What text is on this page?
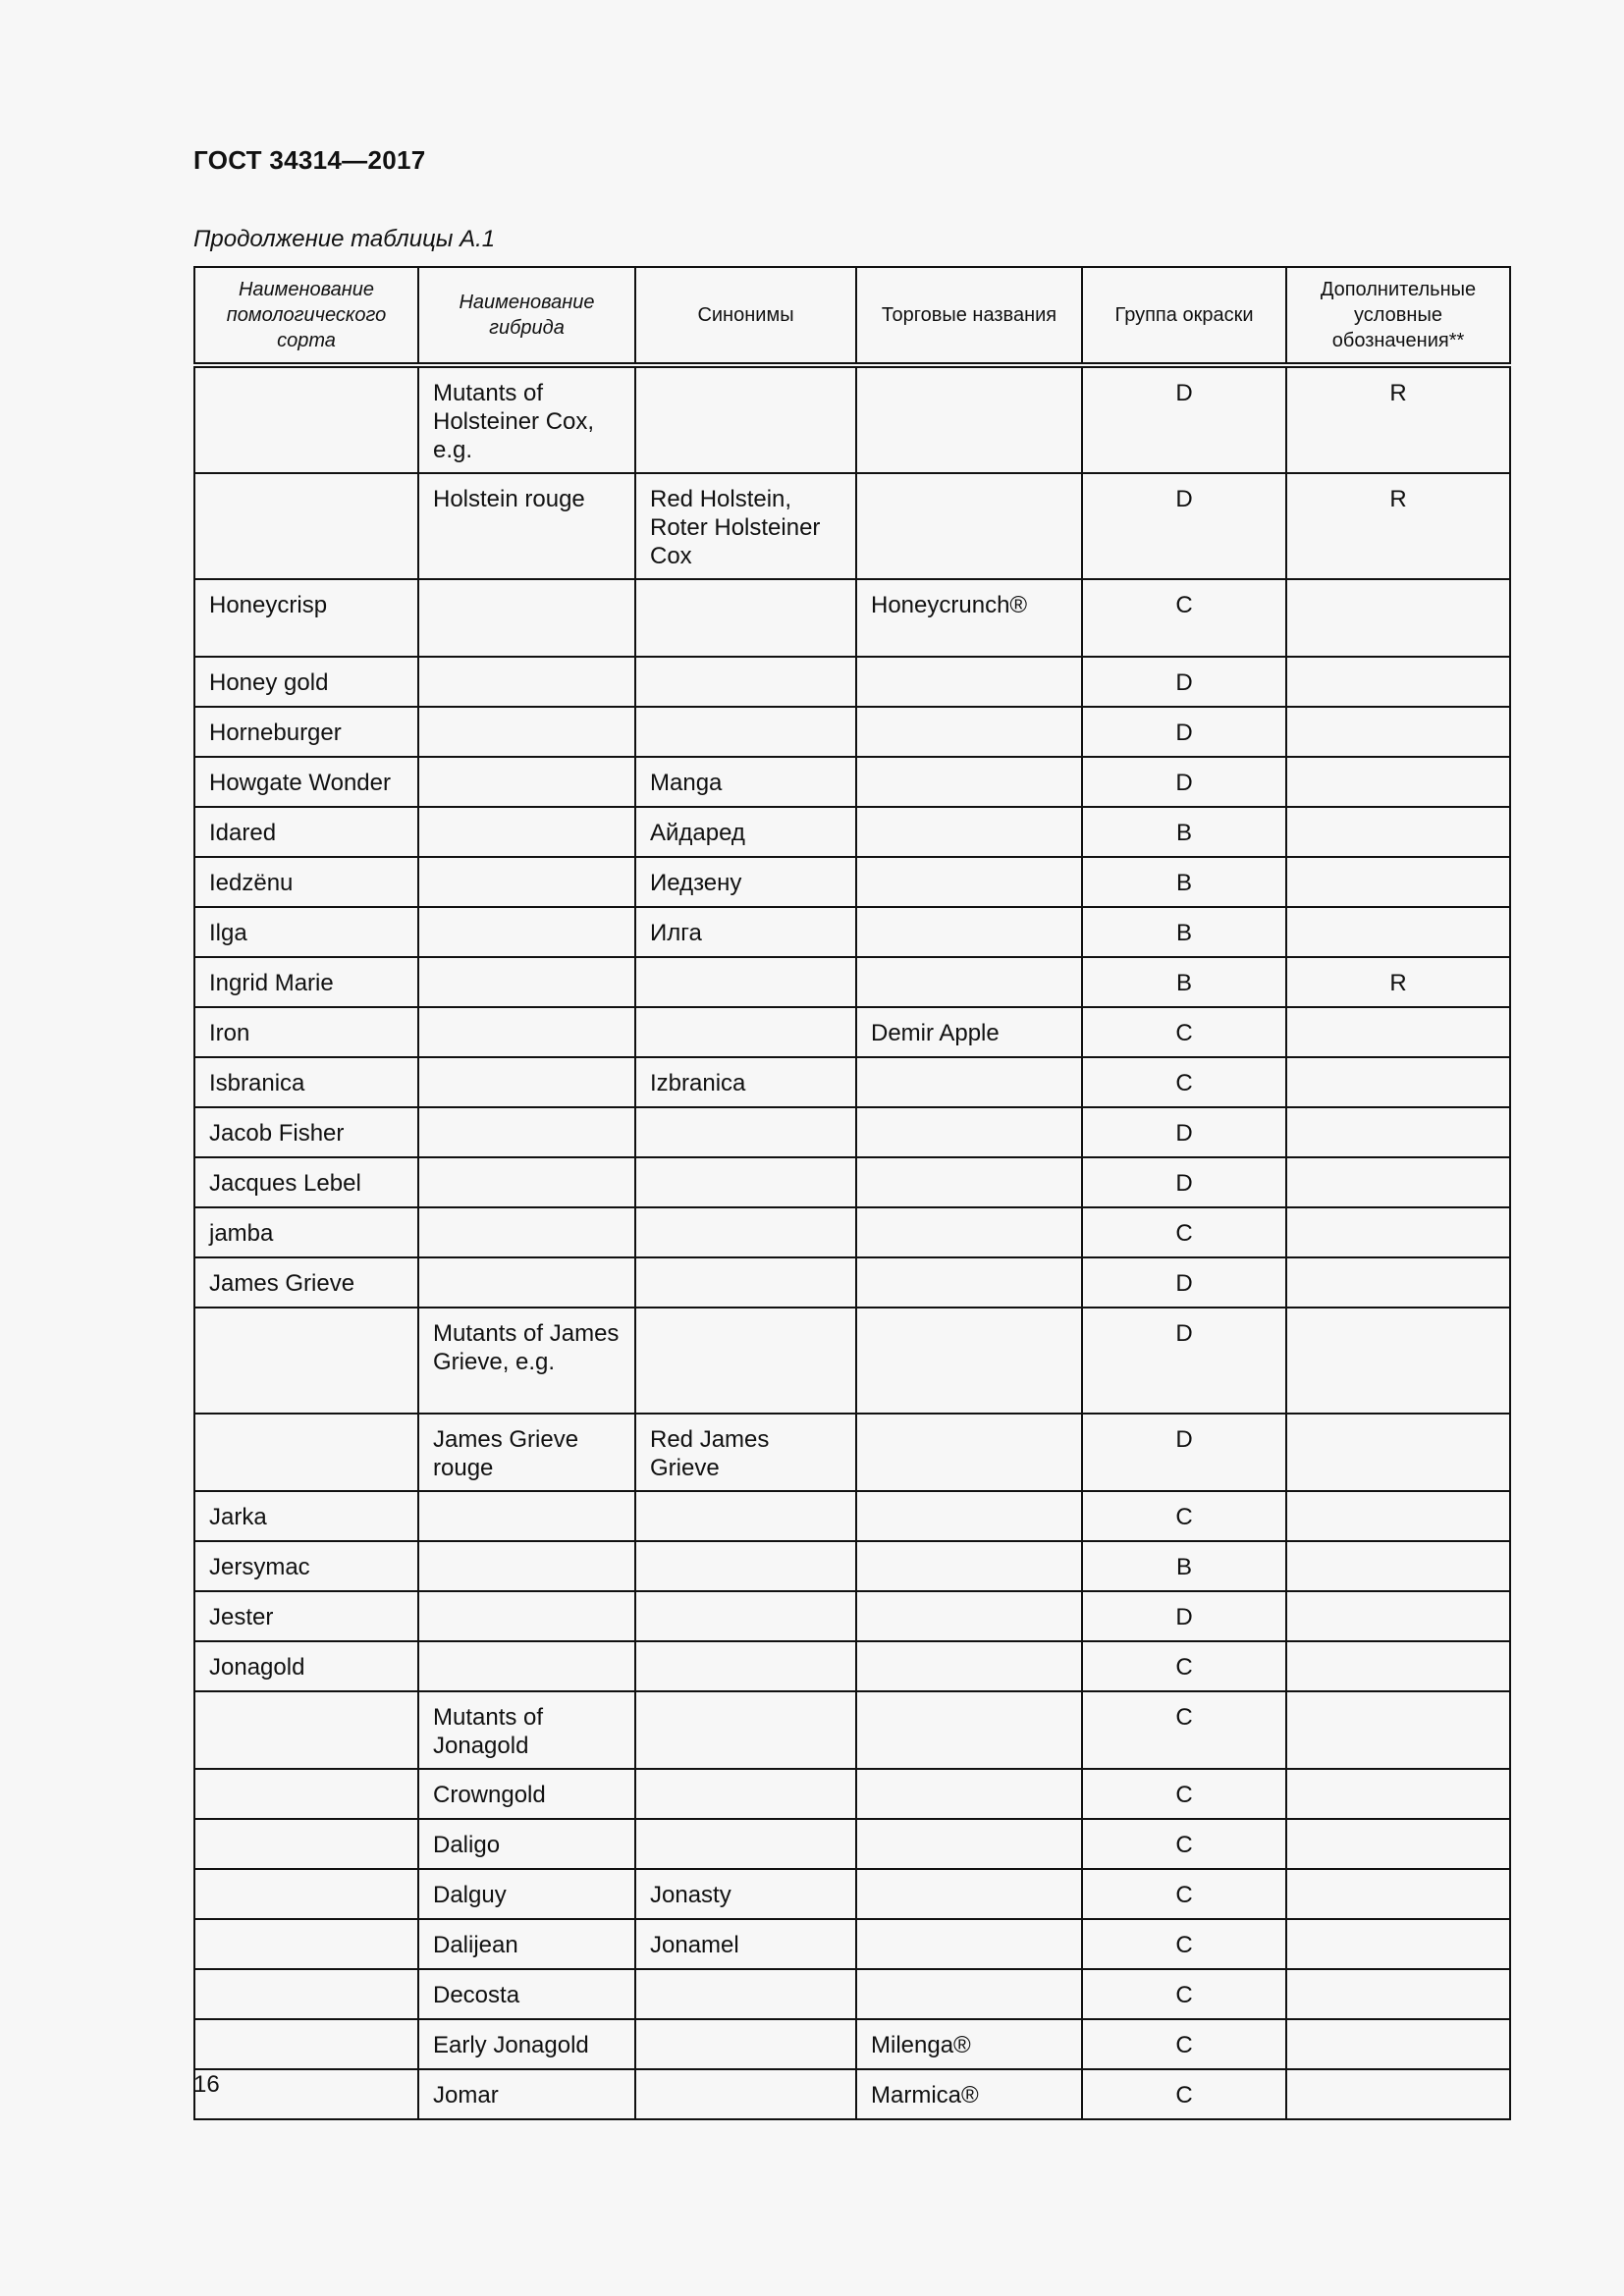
ГОСТ 34314—2017
Продолжение таблицы А.1
Наименование помологического сорта	Наименование гибрида	Синонимы	Торговые названия	Группа окраски	Дополнительные условные обозначения**
	Mutants of Holsteiner Cox, e.g.			D	R
	Holstein rouge	Red Holstein, Roter Holsteiner Cox		D	R
Honeycrisp			Honeycrunch®	C	
Honey gold				D	
Horneburger				D	
Howgate Wonder		Manga		D	
Idared		Айдаред		B	
Iedzënu		Иедзену		B	
Ilga		Илга		B	
Ingrid Marie				B	R
Iron			Demir Apple	C	
Isbranica		Izbranica		C	
Jacob Fisher				D	
Jacques Lebel				D	
jamba				C	
James Grieve				D	
	Mutants of James Grieve, e.g.			D	
	James Grieve rouge	Red James Grieve		D	
Jarka				C	
Jersymac				B	
Jester				D	
Jonagold				C	
	Mutants of Jonagold			C	
	Crowngold			C	
	Daligo			C	
	Dalguy	Jonasty		C	
	Dalijean	Jonamel		C	
	Decosta			C	
	Early Jonagold		Milenga®	C	
	Jomar		Marmica®	C	
16
